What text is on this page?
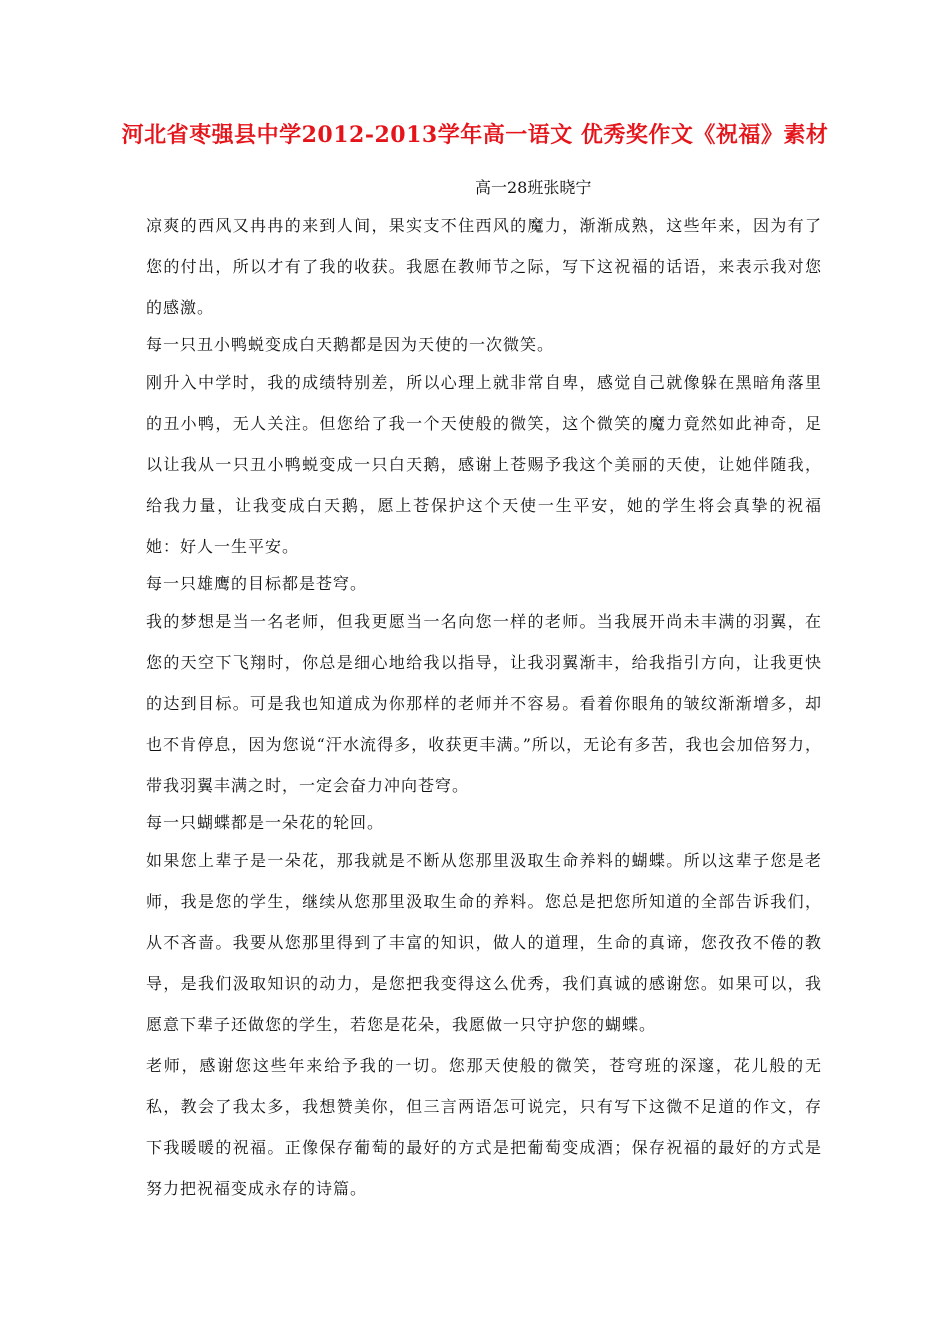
河北省枣强县中学2012-2013学年高一语文 优秀奖作文《祝福》素材
高一28班张晓宁

凉爽的西风又冉冉的来到人间，果实支不住西风的魔力，渐渐成熟，这些年来，因为有了您的付出，所以才有了我的收获。我愿在教师节之际，写下这祝福的话语，来表示我对您的感激。

每一只丑小鸭蜕变成白天鹅都是因为天使的一次微笑。

刚升入中学时，我的成绩特别差，所以心理上就非常自卑，感觉自己就像躲在黑暗角落里的丑小鸭，无人关注。但您给了我一个天使般的微笑，这个微笑的魔力竟然如此神奇，足以让我从一只丑小鸭蜕变成一只白天鹅，感谢上苍赐予我这个美丽的天使，让她伴随我，给我力量，让我变成白天鹅，愿上苍保护这个天使一生平安，她的学生将会真挚的祝福她：好人一生平安。

每一只雄鹰的目标都是苍穹。

我的梦想是当一名老师，但我更愿当一名向您一样的老师。当我展开尚未丰满的羽翼，在您的天空下飞翔时，你总是细心地给我以指导，让我羽翼渐丰，给我指引方向，让我更快的达到目标。可是我也知道成为你那样的老师并不容易。看着你眼角的皱纹渐渐增多，却也不肯停息，因为您说“汗水流得多，收获更丰满。”所以，无论有多苦，我也会加倍努力，带我羽翼丰满之时，一定会奋力冲向苍穹。

每一只蝴蝶都是一朵花的轮回。

如果您上辈子是一朵花，那我就是不断从您那里汲取生命养料的蝴蝶。所以这辈子您是老师，我是您的学生，继续从您那里汲取生命的养料。您总是把您所知道的全部告诉我们，从不吝啬。我要从您那里得到了丰富的知识，做人的道理，生命的真谛，您孜孜不倦的教导，是我们汲取知识的动力，是您把我变得这么优秀，我们真诚的感谢您。如果可以，我愿意下辈子还做您的学生，若您是花朵，我愿做一只守护您的蝴蝶。

老师，感谢您这些年来给予我的一切。您那天使般的微笑，苍穹班的深邃，花儿般的无私，教会了我太多，我想赞美你，但三言两语怎可说完，只有写下这微不足道的作文，存下我暖暖的祝福。正像保存葡萄的最好的方式是把葡萄变成酒；保存祝福的最好的方式是努力把祝福变成永存的诗篇。
